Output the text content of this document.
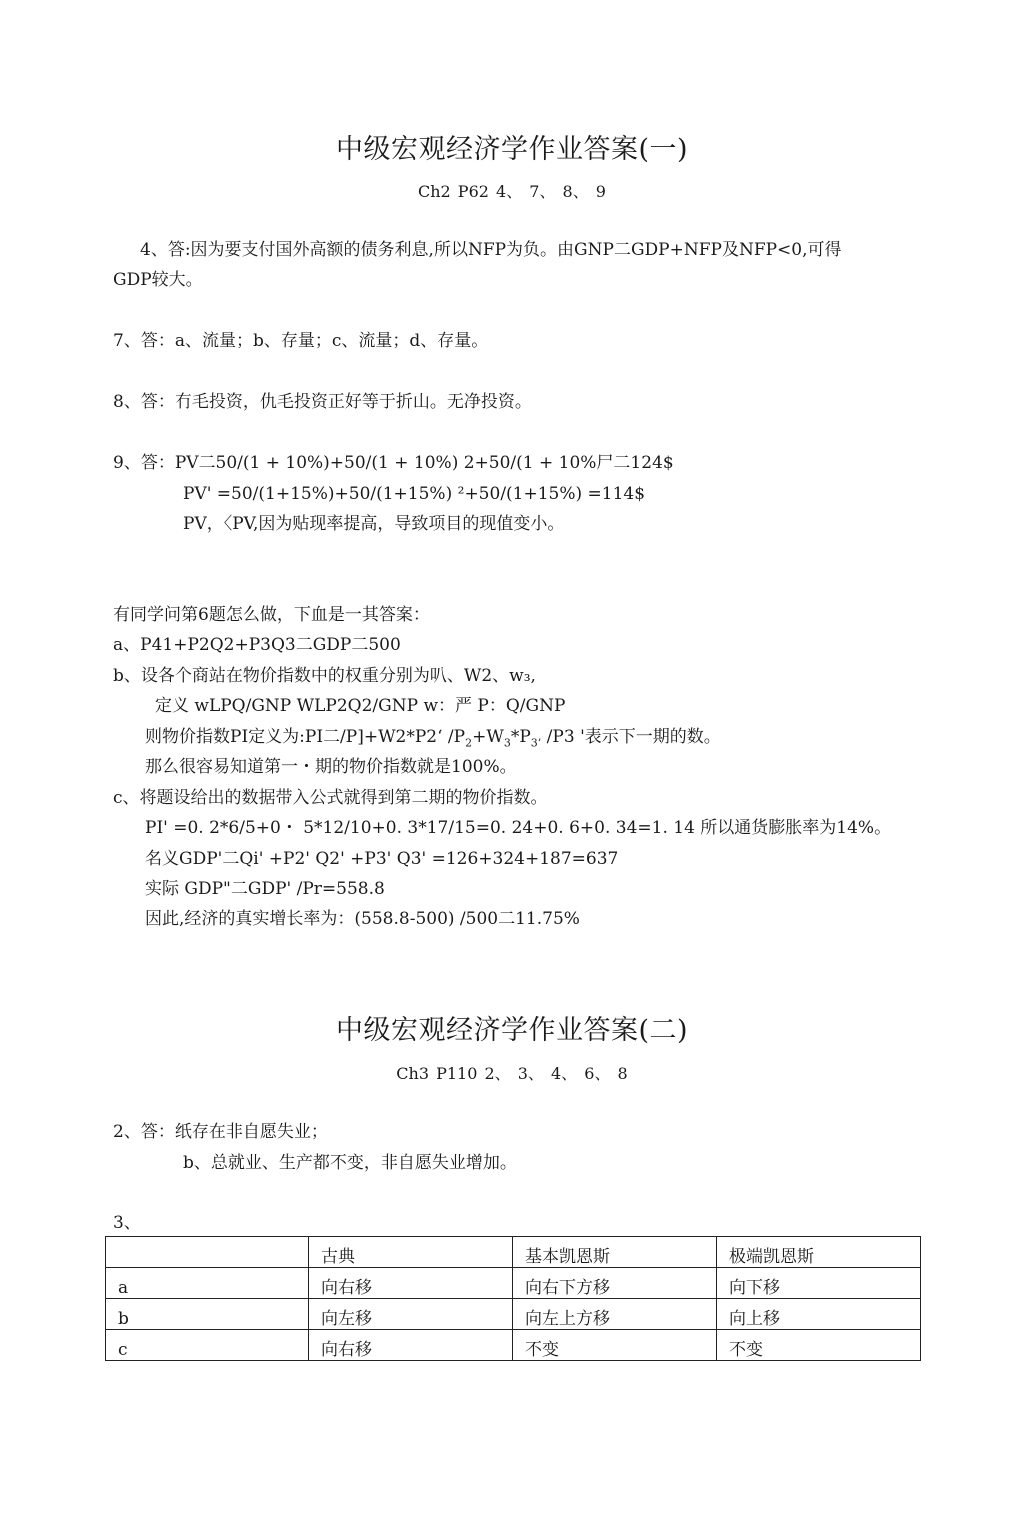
中级宏观经济学作业答案(一)
Ch2 P62 4、 7、 8、 9
4、答:因为要支付国外高额的债务利息,所以NFP为负。由GNP二GDP+NFP及NFP<0,可得
GDP较大。
7、答：a、流量；b、存量；c、流量；d、存量。
8、答：冇毛投资，仇毛投资正好等于折山。无净投资。
9、答：PV二50/(1 + 10%)+50/(1 + 10%) 2+50/(1 + 10%尸二124$
PV' =50/(1+15%)+50/(1+15%) ²+50/(1+15%) =114$
PV，〈PV,因为贴现率提高，导致项目的现值变小。
有同学问第6题怎么做，下血是一其答案：
a、P41+P2Q2+P3Q3二GDP二500
b、设各个商站在物价指数中的权重分别为叭、W2、w₃,
定义 wLPQ/GNP WLP2Q2/GNP w：严 P：Q/GNP
则物价指数PI定义为:PI二/P]+W2*P2‘ $/P_2+W_3*P_{3’}$ /P3 '表示下一期的数。
那么很容易知道第一・期的物价指数就是100%。
c、将题设给出的数据带入公式就得到第二期的物价指数。
PI' =0. 2*6/5+0・ 5*12/10+0. 3*17/15=0. 24+0. 6+0. 34=1. 14 所以通货膨胀率为14%。
名义GDP'二Qi' +P2' Q2' +P3' Q3' =126+324+187=637
实际 GDP"二GDP' /Pr=558.8
因此,经济的真实增长率为：(558.8-500) /500二11.75%
中级宏观经济学作业答案(二)
Ch3 P110 2、 3、 4、 6、 8
2、答：纸存在非自愿失业；
b、总就业、生产都不变，非自愿失业增加。
3、
	古典	基本凯恩斯	极端凯恩斯
a	向右移	向右下方移	向下移
b	向左移	向左上方移	向上移
c	向右移	不变	不变
